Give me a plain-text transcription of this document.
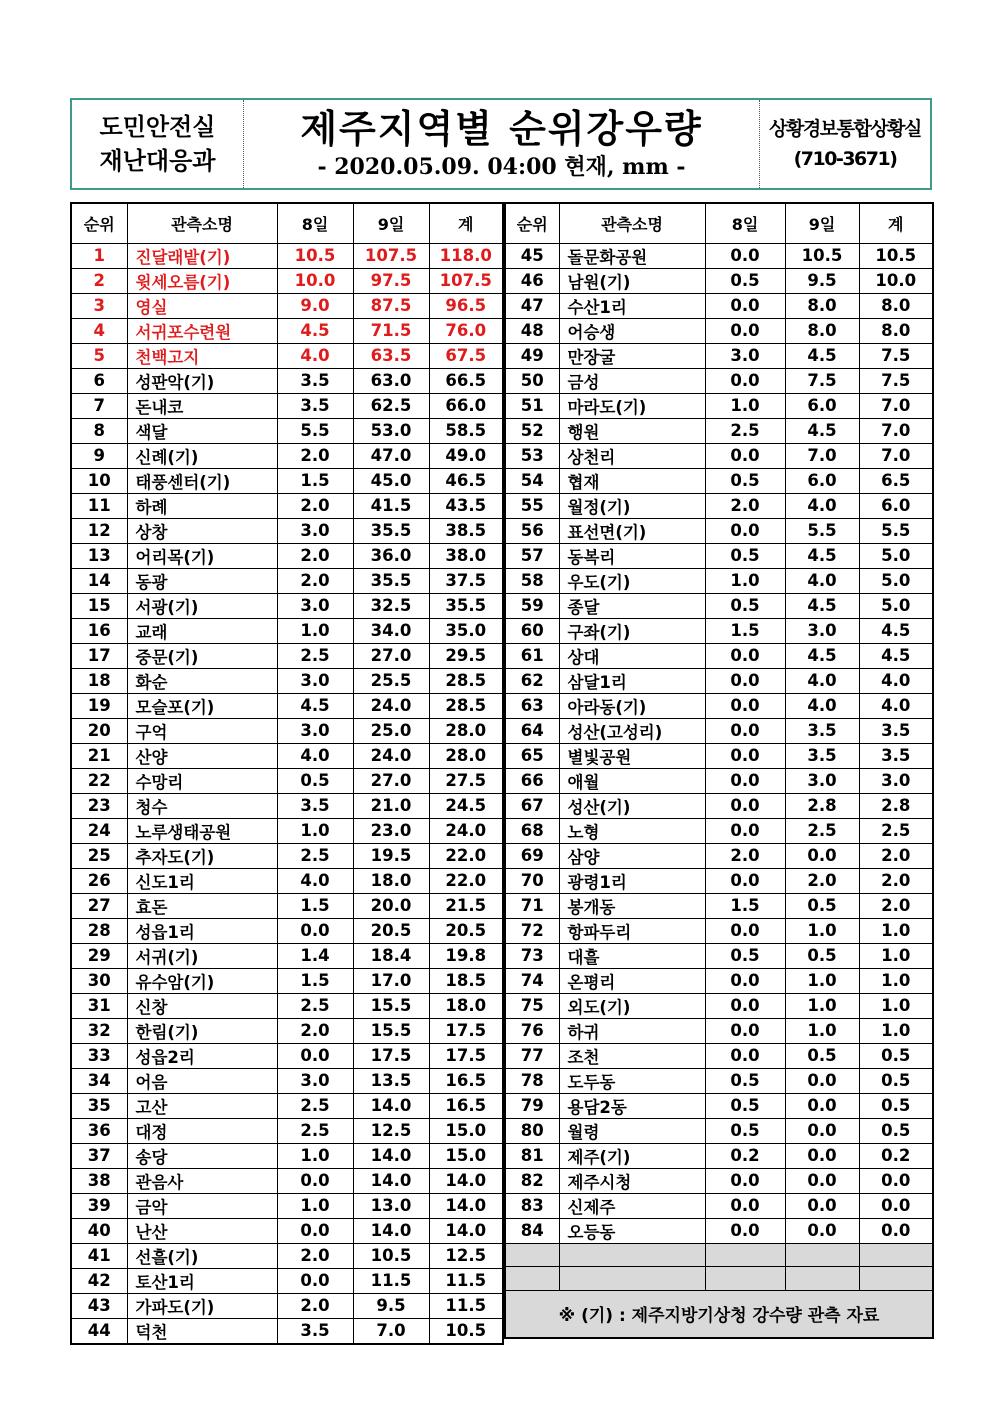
도민안전실
재난대응과
제주지역별 순위강우량
- 2020.05.09. 04:00 현재, mm -
상황경보통합상황실
(710-3671)
순위	관측소명	8일	9일	계
1	진달래밭(기)	10.5	107.5	118.0
2	윗세오름(기)	10.0	97.5	107.5
3	영실	9.0	87.5	96.5
4	서귀포수련원	4.5	71.5	76.0
5	천백고지	4.0	63.5	67.5
6	성판악(기)	3.5	63.0	66.5
7	돈내코	3.5	62.5	66.0
8	색달	5.5	53.0	58.5
9	신례(기)	2.0	47.0	49.0
10	태풍센터(기)	1.5	45.0	46.5
11	하례	2.0	41.5	43.5
12	상창	3.0	35.5	38.5
13	어리목(기)	2.0	36.0	38.0
14	동광	2.0	35.5	37.5
15	서광(기)	3.0	32.5	35.5
16	교래	1.0	34.0	35.0
17	중문(기)	2.5	27.0	29.5
18	화순	3.0	25.5	28.5
19	모슬포(기)	4.5	24.0	28.5
20	구억	3.0	25.0	28.0
21	산양	4.0	24.0	28.0
22	수망리	0.5	27.0	27.5
23	청수	3.5	21.0	24.5
24	노루생태공원	1.0	23.0	24.0
25	추자도(기)	2.5	19.5	22.0
26	신도1리	4.0	18.0	22.0
27	효돈	1.5	20.0	21.5
28	성읍1리	0.0	20.5	20.5
29	서귀(기)	1.4	18.4	19.8
30	유수암(기)	1.5	17.0	18.5
31	신창	2.5	15.5	18.0
32	한림(기)	2.0	15.5	17.5
33	성읍2리	0.0	17.5	17.5
34	어음	3.0	13.5	16.5
35	고산	2.5	14.0	16.5
36	대정	2.5	12.5	15.0
37	송당	1.0	14.0	15.0
38	관음사	0.0	14.0	14.0
39	금악	1.0	13.0	14.0
40	난산	0.0	14.0	14.0
41	선흘(기)	2.0	10.5	12.5
42	토산1리	0.0	11.5	11.5
43	가파도(기)	2.0	9.5	11.5
44	덕천	3.5	7.0	10.5
순위	관측소명	8일	9일	계
45	돌문화공원	0.0	10.5	10.5
46	남원(기)	0.5	9.5	10.0
47	수산1리	0.0	8.0	8.0
48	어승생	0.0	8.0	8.0
49	만장굴	3.0	4.5	7.5
50	금성	0.0	7.5	7.5
51	마라도(기)	1.0	6.0	7.0
52	행원	2.5	4.5	7.0
53	상천리	0.0	7.0	7.0
54	협재	0.5	6.0	6.5
55	월정(기)	2.0	4.0	6.0
56	표선면(기)	0.0	5.5	5.5
57	동복리	0.5	4.5	5.0
58	우도(기)	1.0	4.0	5.0
59	종달	0.5	4.5	5.0
60	구좌(기)	1.5	3.0	4.5
61	상대	0.0	4.5	4.5
62	삼달1리	0.0	4.0	4.0
63	아라동(기)	0.0	4.0	4.0
64	성산(고성리)	0.0	3.5	3.5
65	별빛공원	0.0	3.5	3.5
66	애월	0.0	3.0	3.0
67	성산(기)	0.0	2.8	2.8
68	노형	0.0	2.5	2.5
69	삼양	2.0	0.0	2.0
70	광령1리	0.0	2.0	2.0
71	봉개동	1.5	0.5	2.0
72	항파두리	0.0	1.0	1.0
73	대흘	0.5	0.5	1.0
74	온평리	0.0	1.0	1.0
75	외도(기)	0.0	1.0	1.0
76	하귀	0.0	1.0	1.0
77	조천	0.0	0.5	0.5
78	도두동	0.5	0.0	0.5
79	용담2동	0.5	0.0	0.5
80	월령	0.5	0.0	0.5
81	제주(기)	0.2	0.0	0.2
82	제주시청	0.0	0.0	0.0
83	신제주	0.0	0.0	0.0
84	오등동	0.0	0.0	0.0

※ (기) : 제주지방기상청 강수량 관측 자료				
